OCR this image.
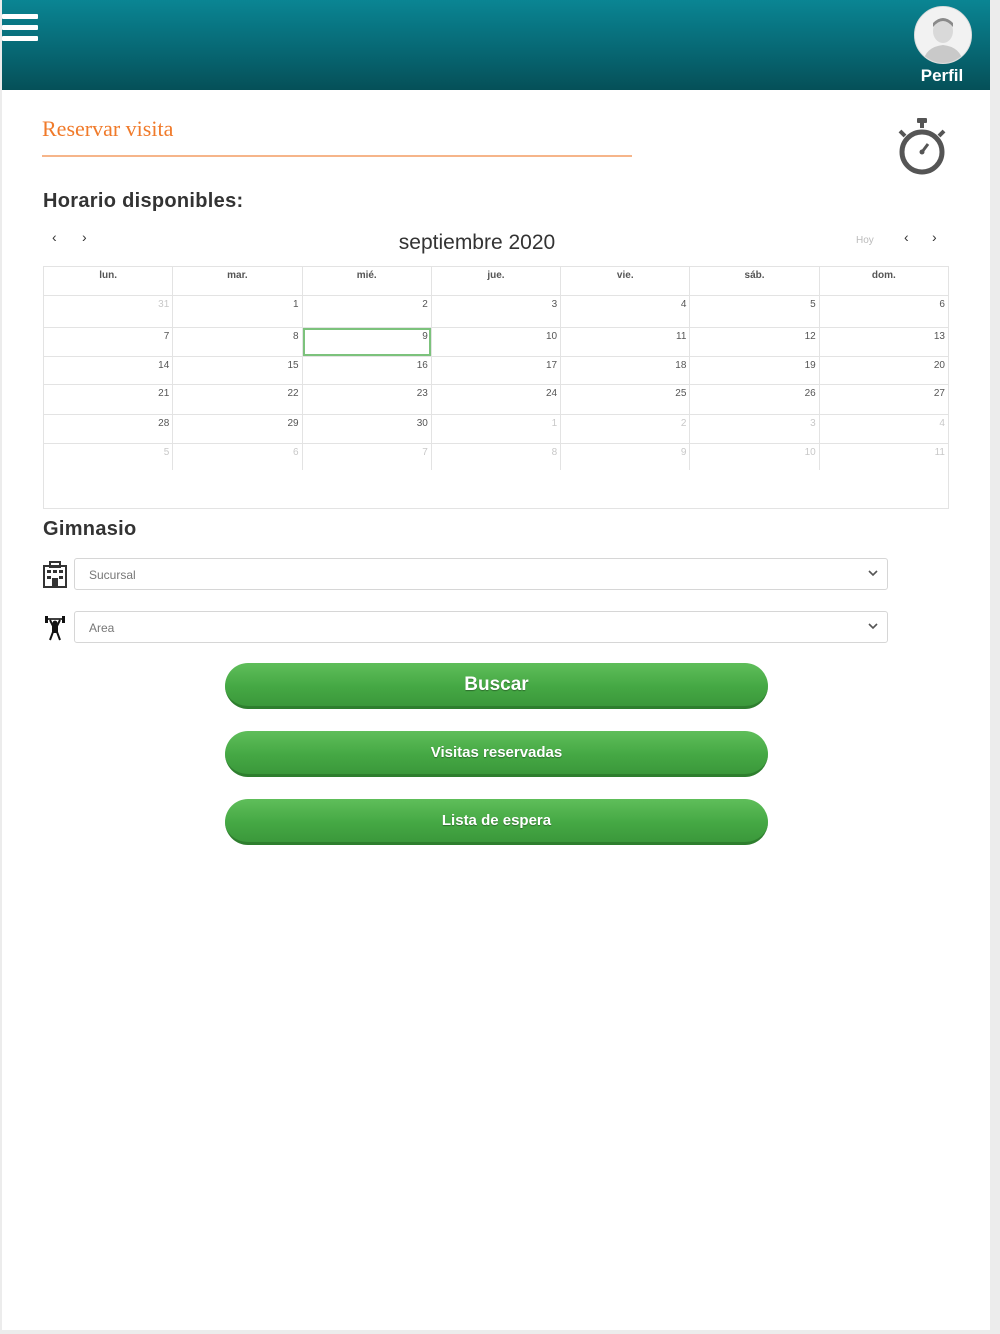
Perfil
Reservar visita
Horario disponibles:
‹ ›	septiembre 2020	Hoy ‹ ›
lun.	mar.	mié.	jue.	vie.	sáb.	dom.
31	1	2	3	4	5	6
7	8	9	10	11	12	13
14	15	16	17	18	19	20
21	22	23	24	25	26	27
28	29	30	1	2	3	4
5	6	7	8	9	10	11
Gimnasio
Sucursal
Area
Buscar
Visitas reservadas
Lista de espera
